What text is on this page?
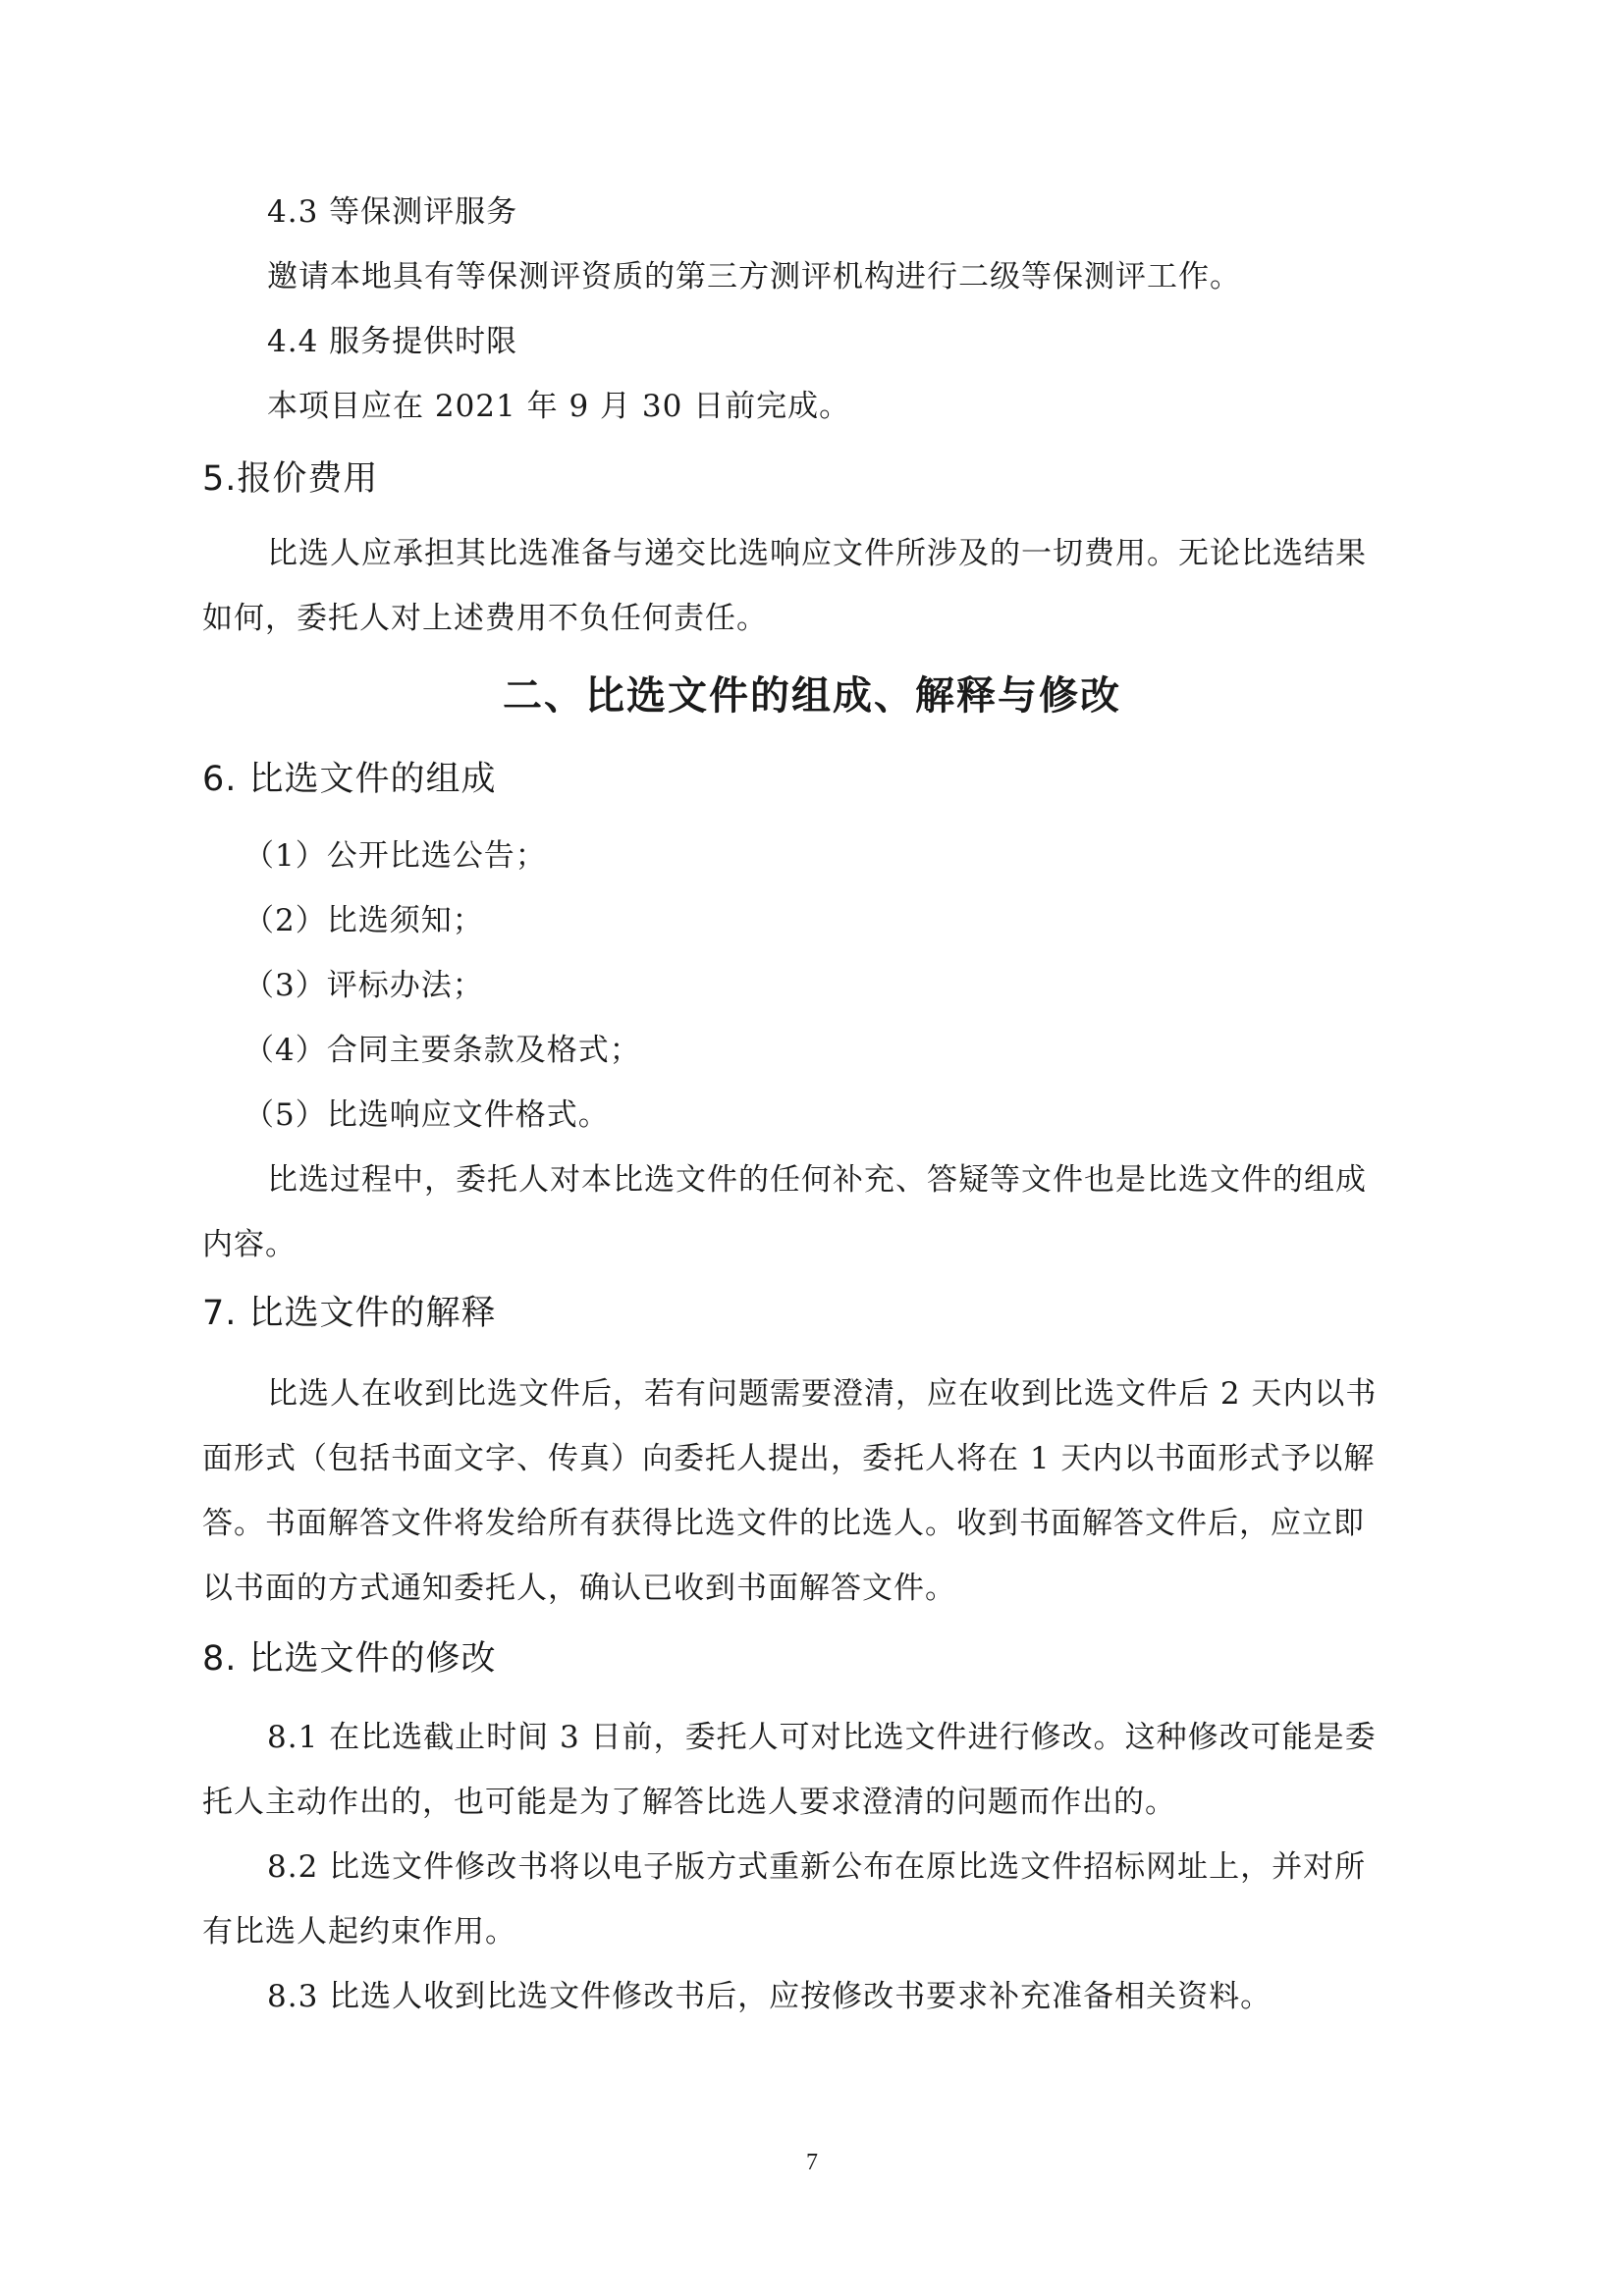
4.3 等保测评服务
邀请本地具有等保测评资质的第三方测评机构进行二级等保测评工作。
4.4 服务提供时限
本项目应在 2021 年 9 月 30 日前完成。
5.报价费用
比选人应承担其比选准备与递交比选响应文件所涉及的一切费用。无论比选结果
如何，委托人对上述费用不负任何责任。
二、比选文件的组成、解释与修改
6. 比选文件的组成
（1）公开比选公告；
（2）比选须知；
（3）评标办法；
（4）合同主要条款及格式；
（5）比选响应文件格式。
比选过程中，委托人对本比选文件的任何补充、答疑等文件也是比选文件的组成
内容。
7. 比选文件的解释
比选人在收到比选文件后，若有问题需要澄清，应在收到比选文件后 2 天内以书
面形式（包括书面文字、传真）向委托人提出，委托人将在 1 天内以书面形式予以解
答。书面解答文件将发给所有获得比选文件的比选人。收到书面解答文件后，应立即
以书面的方式通知委托人，确认已收到书面解答文件。
8. 比选文件的修改
8.1 在比选截止时间 3 日前，委托人可对比选文件进行修改。这种修改可能是委
托人主动作出的，也可能是为了解答比选人要求澄清的问题而作出的。
8.2 比选文件修改书将以电子版方式重新公布在原比选文件招标网址上，并对所
有比选人起约束作用。
8.3 比选人收到比选文件修改书后，应按修改书要求补充准备相关资料。
7
